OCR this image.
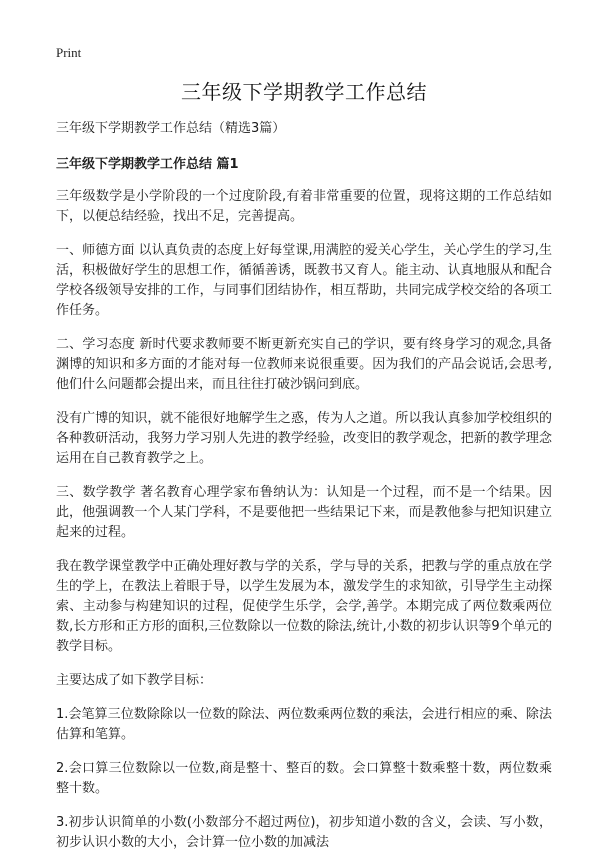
Print
三年级下学期教学工作总结
三年级下学期教学工作总结（精选3篇）
三年级下学期教学工作总结 篇1

三年级数学是小学阶段的一个过度阶段,有着非常重要的位置，现将这期的工作总结如下，以便总结经验，找出不足，完善提高。

一、师德方面 以认真负责的态度上好每堂课,用满腔的爱关心学生，关心学生的学习,生活，积极做好学生的思想工作，循循善诱，既教书又育人。能主动、认真地服从和配合学校各级领导安排的工作，与同事们团结协作，相互帮助，共同完成学校交给的各项工作任务。

二、学习态度 新时代要求教师要不断更新充实自己的学识，要有终身学习的观念,具备渊博的知识和多方面的才能对每一位教师来说很重要。因为我们的产品会说话,会思考,他们什么问题都会提出来，而且往往打破沙锅问到底。

没有广博的知识，就不能很好地解学生之惑，传为人之道。所以我认真参加学校组织的各种教研活动，我努力学习别人先进的教学经验，改变旧的教学观念，把新的教学理念运用在自己教育教学之上。

三、数学教学 著名教育心理学家布鲁纳认为：认知是一个过程，而不是一个结果。因此，他强调教一个人某门学科，不是要他把一些结果记下来，而是教他参与把知识建立起来的过程。

我在教学课堂教学中正确处理好教与学的关系，学与导的关系，把教与学的重点放在学生的学上，在教法上着眼于导，以学生发展为本，激发学生的求知欲，引导学生主动探索、主动参与构建知识的过程，促使学生乐学，会学,善学。本期完成了两位数乘两位数,长方形和正方形的面积,三位数除以一位数的除法,统计,小数的初步认识等9个单元的教学目标。

主要达成了如下教学目标：

1.会笔算三位数除除以一位数的除法、两位数乘两位数的乘法，会进行相应的乘、除法估算和笔算。

2.会口算三位数除以一位数,商是整十、整百的数。会口算整十数乘整十数，两位数乘整十数。

3.初步认识简单的小数(小数部分不超过两位)，初步知道小数的含义，会读、写小数，初步认识小数的大小，会计算一位小数的加减法
